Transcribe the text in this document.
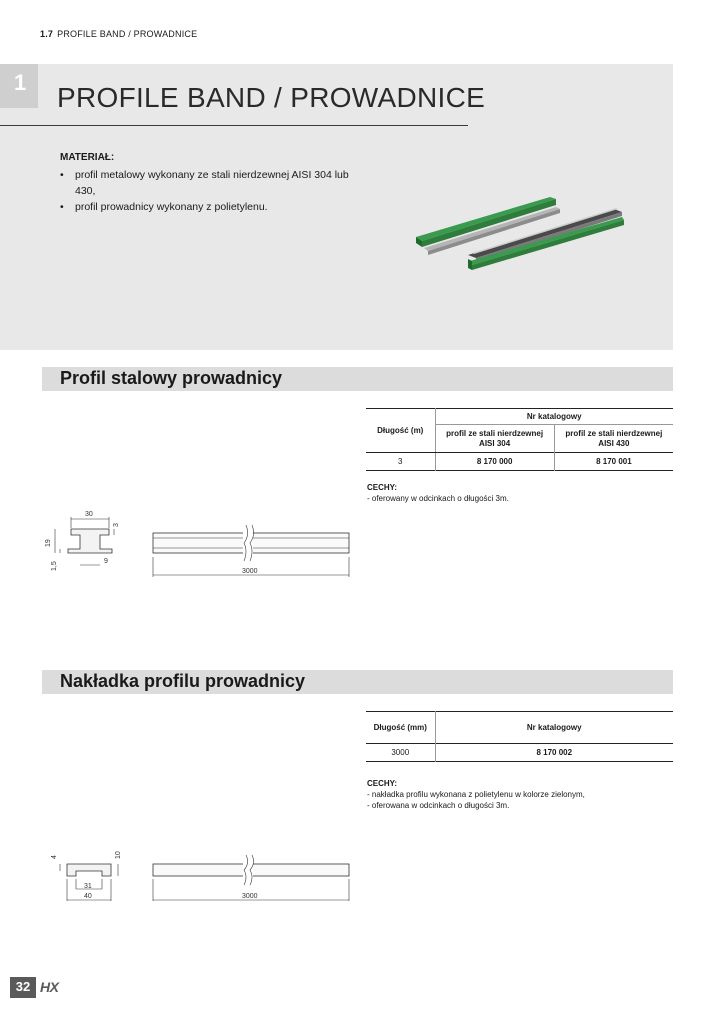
1.7 PROFILE BAND / PROWADNICE
1 PROFILE BAND / PROWADNICE
MATERIAŁ:
• profil metalowy wykonany ze stali nierdzewnej AISI 304 lub 430,
• profil prowadnicy wykonany z polietylenu.
Profil stalowy prowadnicy
Długość (m)	Nr katalogowy	
	profil ze stali nierdzewnej AISI 304	profil ze stali nierdzewnej AISI 430
3	8 170 000	8 170 001
CECHY:
- oferowany w odcinkach o długości 3m.
30
3
19
1,5	9
3000
Nakładka profilu prowadnicy
Długość (mm)	Nr katalogowy
3000	8 170 002
CECHY:
- nakładka profilu wykonana z polietylenu w kolorze zielonym,
- oferowana w odcinkach o długości 3m.
4	10
31
40	3000
32 HX
